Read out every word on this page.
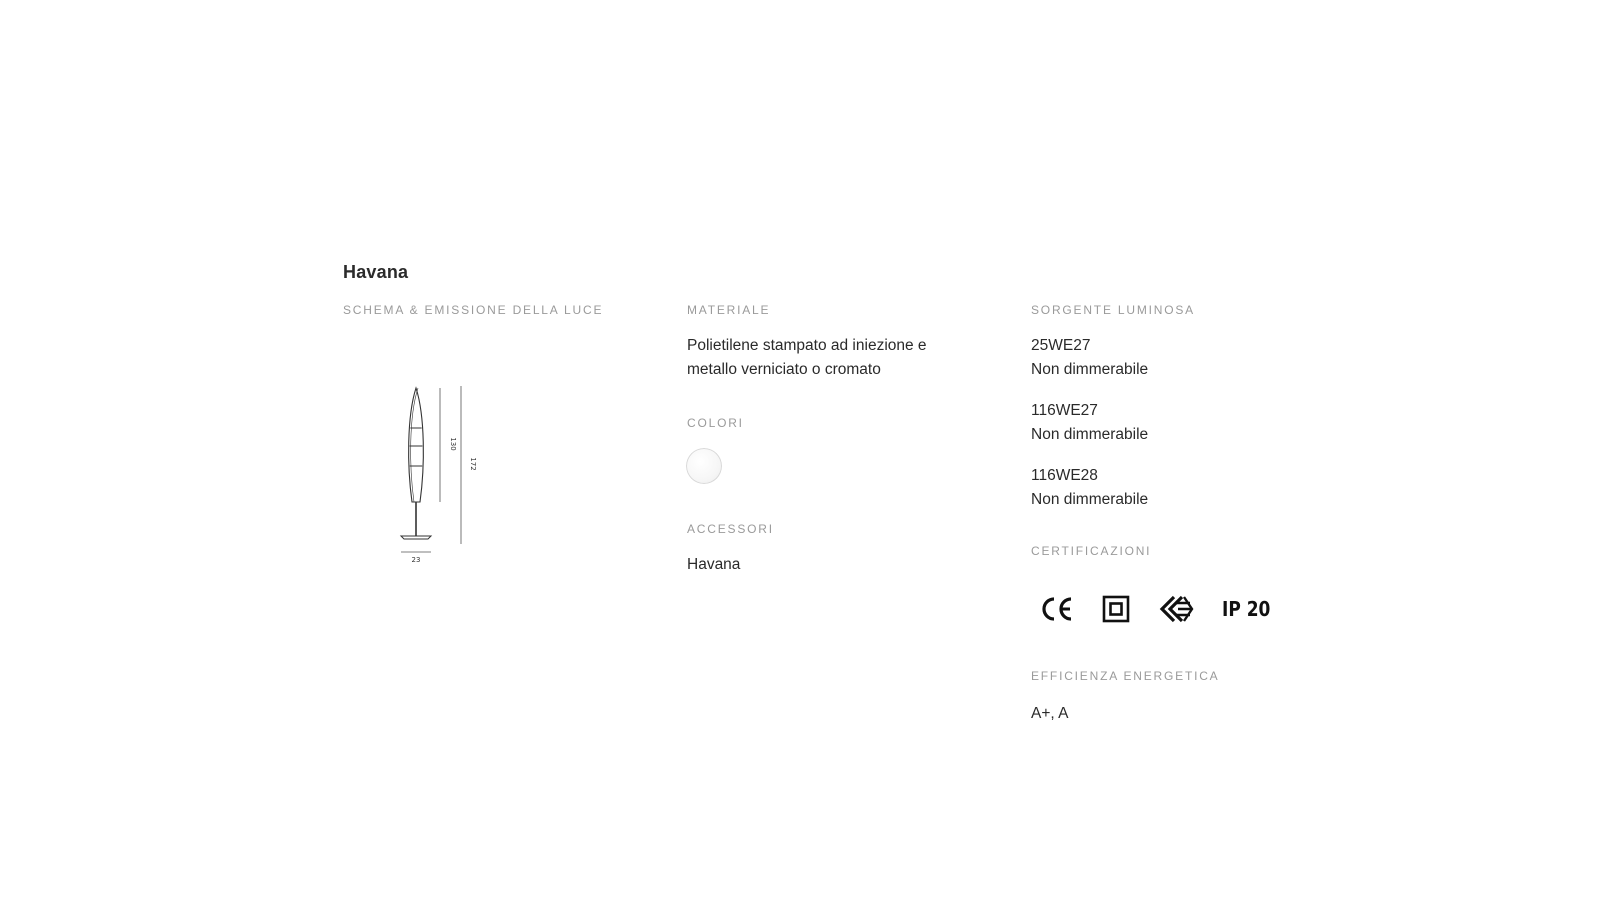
Havana
SCHEMA & EMISSIONE DELLA LUCE
23
130
172
MATERIALE
Polietilene stampato ad iniezione e
metallo verniciato o cromato
COLORI
ACCESSORI
Havana
SORGENTE LUMINOSA
25WE27
Non dimmerabile
116WE27
Non dimmerabile
116WE28
Non dimmerabile
CERTIFICAZIONI
IP 20
EFFICIENZA ENERGETICA
A+, A
